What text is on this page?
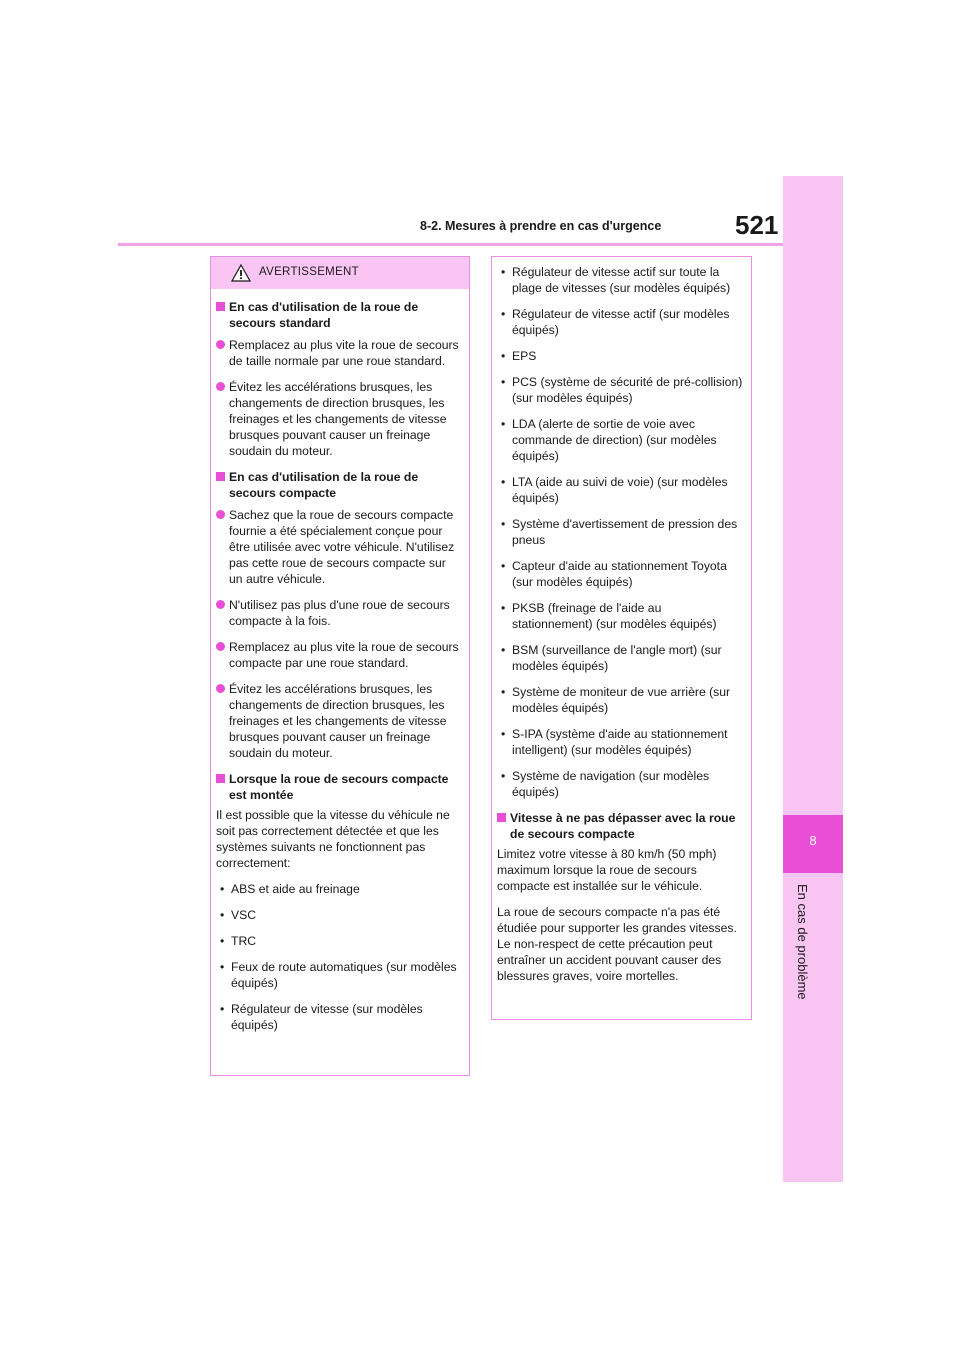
8-2. Mesures à prendre en cas d'urgence	521
8
En cas de problème
AVERTISSEMENT
En cas d'utilisation de la roue de secours standard
Remplacez au plus vite la roue de secours de taille normale par une roue standard.
Évitez les accélérations brusques, les changements de direction brusques, les freinages et les changements de vitesse brusques pouvant causer un freinage soudain du moteur.
En cas d'utilisation de la roue de secours compacte
Sachez que la roue de secours compacte fournie a été spécialement conçue pour être utilisée avec votre véhicule. N'utilisez pas cette roue de secours compacte sur un autre véhicule.
N'utilisez pas plus d'une roue de secours compacte à la fois.
Remplacez au plus vite la roue de secours compacte par une roue standard.
Évitez les accélérations brusques, les changements de direction brusques, les freinages et les changements de vitesse brusques pouvant causer un freinage soudain du moteur.
Lorsque la roue de secours compacte est montée
Il est possible que la vitesse du véhicule ne soit pas correctement détectée et que les systèmes suivants ne fonctionnent pas correctement:
• ABS et aide au freinage
• VSC
• TRC
• Feux de route automatiques (sur modèles équipés)
• Régulateur de vitesse (sur modèles équipés)
• Régulateur de vitesse actif sur toute la plage de vitesses (sur modèles équipés)
• Régulateur de vitesse actif (sur modèles équipés)
• EPS
• PCS (système de sécurité de pré-collision) (sur modèles équipés)
• LDA (alerte de sortie de voie avec commande de direction) (sur modèles équipés)
• LTA (aide au suivi de voie) (sur modèles équipés)
• Système d'avertissement de pression des pneus
• Capteur d'aide au stationnement Toyota (sur modèles équipés)
• PKSB (freinage de l'aide au stationnement) (sur modèles équipés)
• BSM (surveillance de l'angle mort) (sur modèles équipés)
• Système de moniteur de vue arrière (sur modèles équipés)
• S-IPA (système d'aide au stationnement intelligent) (sur modèles équipés)
• Système de navigation (sur modèles équipés)
Vitesse à ne pas dépasser avec la roue de secours compacte
Limitez votre vitesse à 80 km/h (50 mph) maximum lorsque la roue de secours compacte est installée sur le véhicule.
La roue de secours compacte n'a pas été étudiée pour supporter les grandes vitesses. Le non-respect de cette précaution peut entraîner un accident pouvant causer des blessures graves, voire mortelles.
